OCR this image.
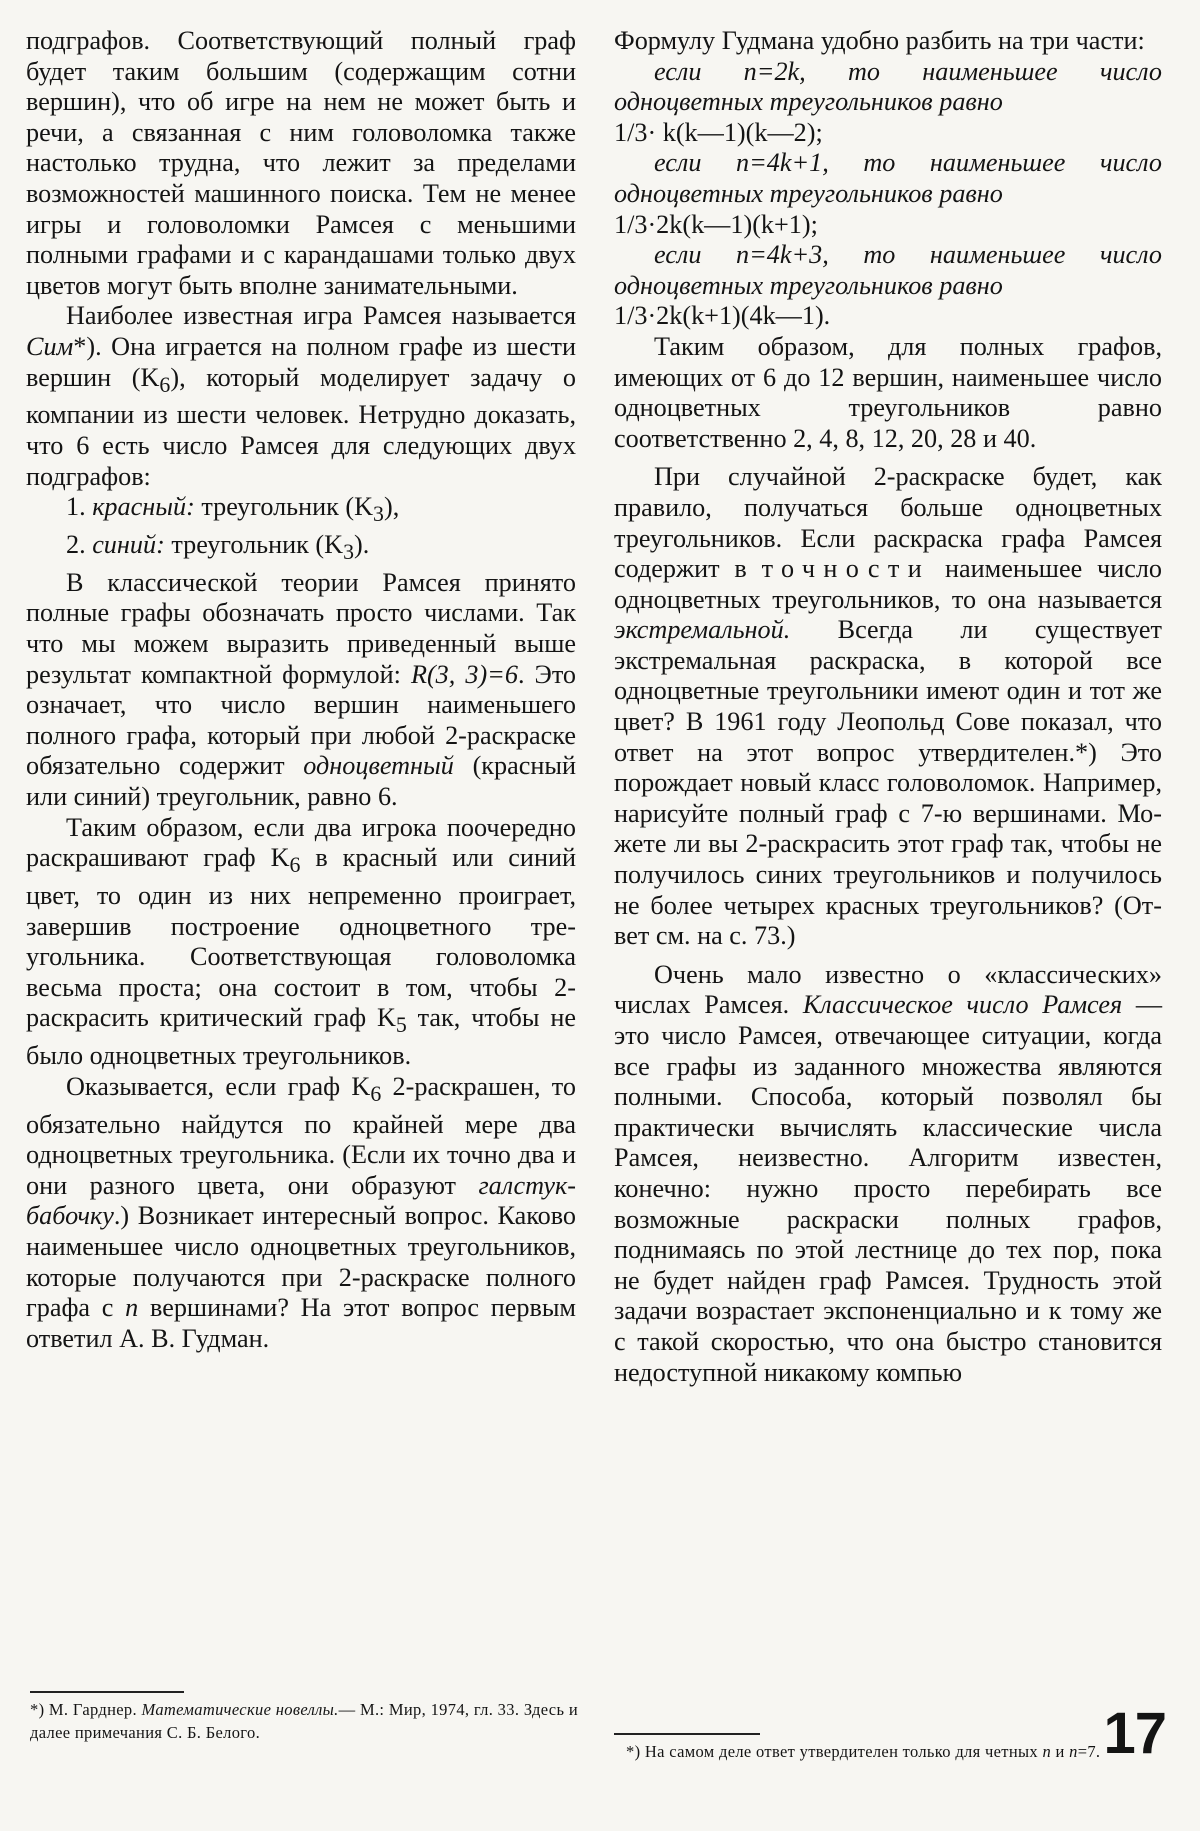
подграфов. Соответствующий полный граф будет таким большим (содержащим сотни вершин), что об игре на нем не может быть и речи, а связанная с ним головоломка также настолько трудна, что лежит за пределами возможностей машинного поиска. Тем не менее игры и головоломки Рамсея с меньшими полными графами и с карандашами только двух цветов могут быть вполне занимательными.

Наиболее известная игра Рамсея называется Сим*). Она играется на полном графе из шести вершин $(K_6)$, который моделирует задачу о компании из шести человек. Нетрудно доказать, что 6 есть число Рамсея для следующих двух подграфов:

1. красный: треугольник $(K_3)$,

2. синий: треугольник $(K_3)$.

В классической теории Рамсея принято полные графы обозначать просто числами. Так что мы можем выразить приведенный выше результат компактной формулой: R(3, 3)=6. Это означает, что число вершин наименьшего полного графа, который при любой 2-раскраске обязательно содержит одноцветный (красный или синий) треугольник, равно 6.

Таким образом, если два игрока поочередно раскрашивают граф $K_6$ в красный или синий цвет, то один из них непременно проиграет, завершив построение одноцветного треугольника. Соответствующая головоломка весьма проста; она состоит в том, чтобы 2-раскрасить критический граф $K_5$ так, чтобы не было одноцветных треугольников.

Оказывается, если граф $K_6$ 2-раскрашен, то обязательно найдутся по крайней мере два одноцветных треугольника. (Если их точно два и они разного цвета, они образуют галстук-бабочку.) Возникает интересный вопрос. Каково наименьшее число одноцветных треугольников, которые получаются при 2-раскраске полного графа с n вершинами? На этот вопрос первым ответил А. В. Гудман.

*) М. Гарднер. Математические новеллы.— М.: Мир, 1974, гл. 33. Здесь и далее примечания С. Б. Белого.

Формулу Гудмана удобно разбить на три части:

если n=2k, то наименьшее число одноцветных треугольников равно
1/3· k(k—1)(k—2);

если n=4k+1, то наименьшее число одноцветных треугольников равно
1/3·2k(k—1)(k+1);

если n=4k+3, то наименьшее число одноцветных треугольников равно
1/3·2k(k+1)(4k—1).

Таким образом, для полных графов, имеющих от 6 до 12 вершин, наименьшее число одноцветных треугольников равно соответственно 2, 4, 8, 12, 20, 28 и 40.

При случайной 2-раскраске будет, как правило, получаться больше одноцветных треугольников. Если раскраска графа Рамсея содержит в точности наименьшее число одноцветных треугольников, то она называется экстремальной. Всегда ли существует экстремальная раскраска, в которой все одноцветные треугольники имеют один и тот же цвет? В 1961 году Леопольд Сове показал, что ответ на этот вопрос утвердителен.*) Это порождает новый класс головоломок. Например, нарисуйте полный граф с 7-ю вершинами. Можете ли вы 2-раскрасить этот граф так, чтобы не получилось синих треугольников и получилось не более четырех красных треугольников? (Ответ см. на с. 73.)

Очень мало известно о «классических» числах Рамсея. Классическое число Рамсея — это число Рамсея, отвечающее ситуации, когда все графы из заданного множества являются полными. Способа, который позволял бы практически вычислять классические числа Рамсея, неизвестно. Алгоритм известен, конечно: нужно просто перебирать все возможные раскраски полных графов, поднимаясь по этой лестнице до тех пор, пока не будет найден граф Рамсея. Трудность этой задачи возрастает экспоненциально и к тому же с такой скоростью, что она быстро становится недоступной никакому компью

*) На самом деле ответ утвердителен только для четных n и n=7. 17
